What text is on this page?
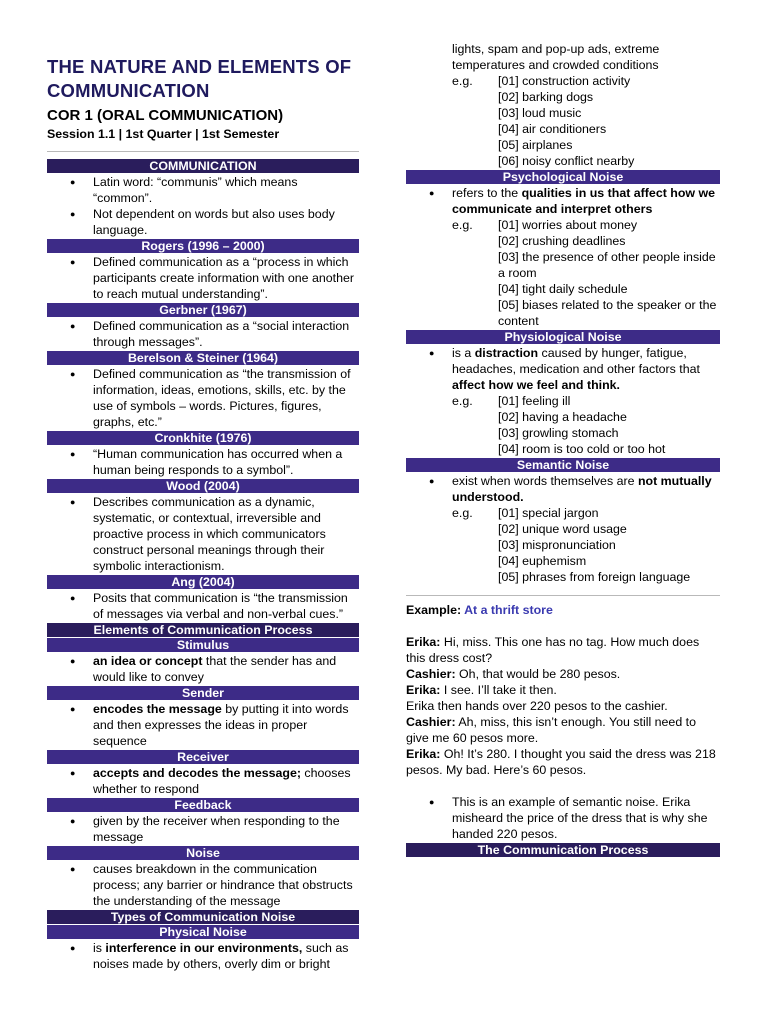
THE NATURE AND ELEMENTS OF COMMUNICATION
COR 1 (ORAL COMMUNICATION)
Session 1.1 | 1st Quarter | 1st Semester
COMMUNICATION
● Latin word: “communis” which means “common”.
● Not dependent on words but also uses body language.
Rogers (1996 – 2000)
● Defined communication as a “process in which participants create information with one another to reach mutual understanding”.
Gerbner (1967)
● Defined communication as a “social interaction through messages”.
Berelson & Steiner (1964)
● Defined communication as “the transmission of information, ideas, emotions, skills, etc. by the use of symbols – words. Pictures, figures, graphs, etc.”
Cronkhite (1976)
● “Human communication has occurred when a human being responds to a symbol”.
Wood (2004)
● Describes communication as a dynamic, systematic, or contextual, irreversible and proactive process in which communicators construct personal meanings through their symbolic interactionism.
Ang (2004)
● Posits that communication is “the transmission of messages via verbal and non-verbal cues.”
Elements of Communication Process
Stimulus
● an idea or concept that the sender has and would like to convey
Sender
● encodes the message by putting it into words and then expresses the ideas in proper sequence
Receiver
● accepts and decodes the message; chooses whether to respond
Feedback
● given by the receiver when responding to the message
Noise
● causes breakdown in the communication process; any barrier or hindrance that obstructs the understanding of the message
Types of Communication Noise
Physical Noise
● is interference in our environments, such as noises made by others, overly dim or bright
lights, spam and pop-up ads, extreme temperatures and crowded conditions
e.g.	[01] construction activity
[02] barking dogs
[03] loud music
[04] air conditioners
[05] airplanes
[06] noisy conflict nearby
Psychological Noise
● refers to the qualities in us that affect how we communicate and interpret others
e.g.	[01] worries about money
[02] crushing deadlines
[03] the presence of other people inside a room
[04] tight daily schedule
[05] biases related to the speaker or the content
Physiological Noise
● is a distraction caused by hunger, fatigue, headaches, medication and other factors that affect how we feel and think.
e.g.	[01] feeling ill
[02] having a headache
[03] growling stomach
[04] room is too cold or too hot
Semantic Noise
● exist when words themselves are not mutually understood.
e.g.	[01] special jargon
[02] unique word usage
[03] mispronunciation
[04] euphemism
[05] phrases from foreign language
Example: At a thrift store
Erika: Hi, miss. This one has no tag. How much does this dress cost?
Cashier: Oh, that would be 280 pesos.
Erika: I see. I’ll take it then.
Erika then hands over 220 pesos to the cashier.
Cashier: Ah, miss, this isn’t enough. You still need to give me 60 pesos more.
Erika: Oh! It’s 280. I thought you said the dress was 218 pesos. My bad. Here’s 60 pesos.
● This is an example of semantic noise. Erika misheard the price of the dress that is why she handed 220 pesos.
The Communication Process
